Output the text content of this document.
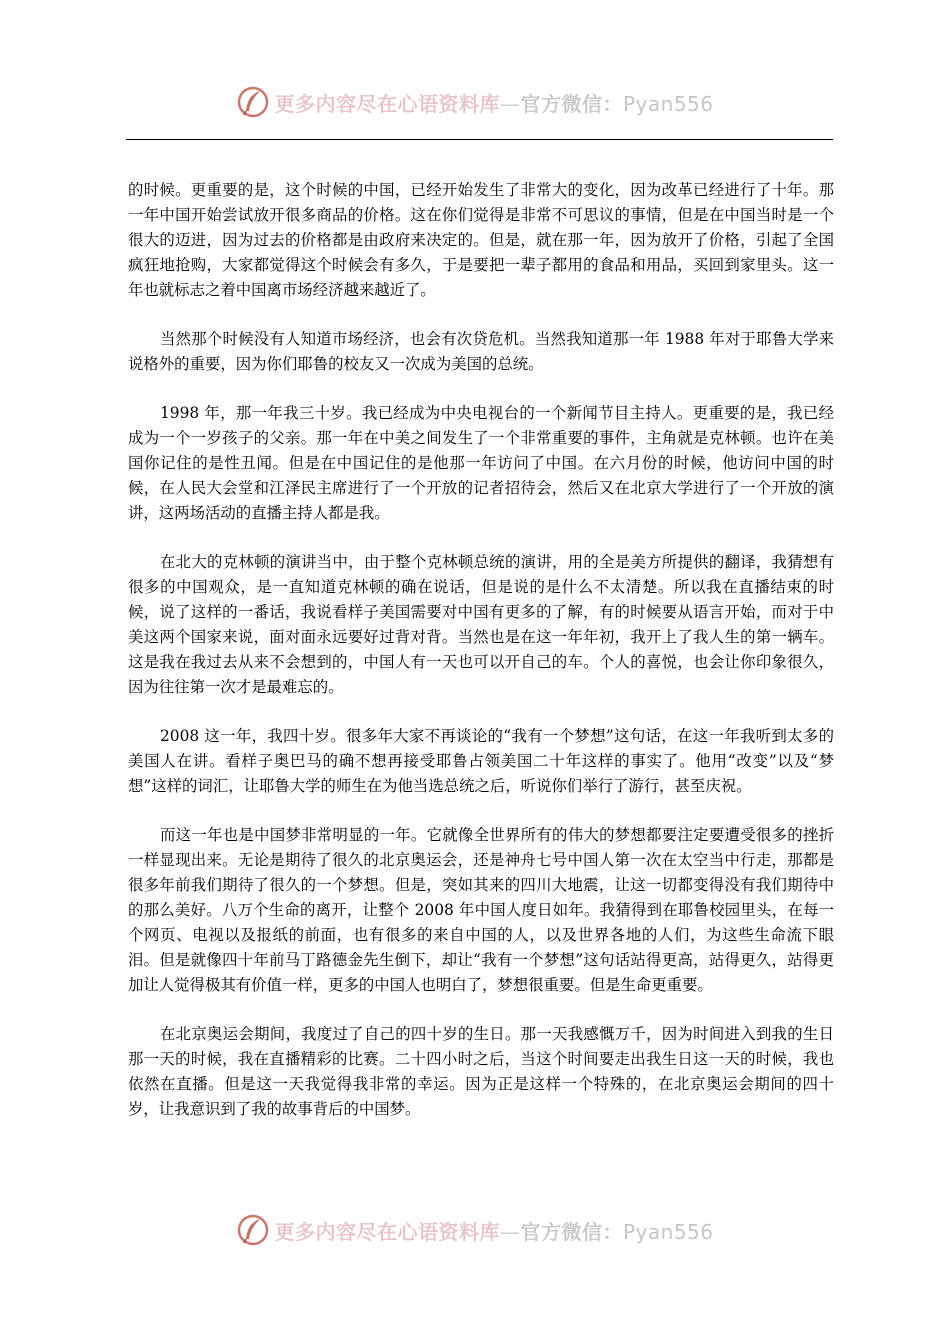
更多内容尽在心语资料库—官方微信：Pyan556

的时候。更重要的是，这个时候的中国，已经开始发生了非常大的变化，因为改革已经进行了十年。那一年中国开始尝试放开很多商品的价格。这在你们觉得是非常不可思议的事情，但是在中国当时是一个很大的迈进，因为过去的价格都是由政府来决定的。但是，就在那一年，因为放开了价格，引起了全国疯狂地抢购，大家都觉得这个时候会有多久，于是要把一辈子都用的食品和用品，买回到家里头。这一年也就标志之着中国离市场经济越来越近了。

当然那个时候没有人知道市场经济，也会有次贷危机。当然我知道那一年 1988 年对于耶鲁大学来说格外的重要，因为你们耶鲁的校友又一次成为美国的总统。

1998 年，那一年我三十岁。我已经成为中央电视台的一个新闻节目主持人。更重要的是，我已经成为一个一岁孩子的父亲。那一年在中美之间发生了一个非常重要的事件，主角就是克林顿。也许在美国你记住的是性丑闻。但是在中国记住的是他那一年访问了中国。在六月份的时候，他访问中国的时候，在人民大会堂和江泽民主席进行了一个开放的记者招待会，然后又在北京大学进行了一个开放的演讲，这两场活动的直播主持人都是我。

在北大的克林顿的演讲当中，由于整个克林顿总统的演讲，用的全是美方所提供的翻译，我猜想有很多的中国观众，是一直知道克林顿的确在说话，但是说的是什么不太清楚。所以我在直播结束的时候，说了这样的一番话，我说看样子美国需要对中国有更多的了解，有的时候要从语言开始，而对于中美这两个国家来说，面对面永远要好过背对背。当然也是在这一年年初，我开上了我人生的第一辆车。这是我在我过去从来不会想到的，中国人有一天也可以开自己的车。个人的喜悦，也会让你印象很久，因为往往第一次才是最难忘的。

2008 这一年，我四十岁。很多年大家不再谈论的“我有一个梦想”这句话，在这一年我听到太多的美国人在讲。看样子奥巴马的确不想再接受耶鲁占领美国二十年这样的事实了。他用“改变”以及“梦想”这样的词汇，让耶鲁大学的师生在为他当选总统之后，听说你们举行了游行，甚至庆祝。

而这一年也是中国梦非常明显的一年。它就像全世界所有的伟大的梦想都要注定要遭受很多的挫折一样显现出来。无论是期待了很久的北京奥运会，还是神舟七号中国人第一次在太空当中行走，那都是很多年前我们期待了很久的一个梦想。但是，突如其来的四川大地震，让这一切都变得没有我们期待中的那么美好。八万个生命的离开，让整个 2008 年中国人度日如年。我猜得到在耶鲁校园里头，在每一个网页、电视以及报纸的前面，也有很多的来自中国的人，以及世界各地的人们，为这些生命流下眼泪。但是就像四十年前马丁路德金先生倒下，却让“我有一个梦想”这句话站得更高，站得更久，站得更加让人觉得极其有价值一样，更多的中国人也明白了，梦想很重要。但是生命更重要。

在北京奥运会期间，我度过了自己的四十岁的生日。那一天我感慨万千，因为时间进入到我的生日那一天的时候，我在直播精彩的比赛。二十四小时之后，当这个时间要走出我生日这一天的时候，我也依然在直播。但是这一天我觉得我非常的幸运。因为正是这样一个特殊的，在北京奥运会期间的四十岁，让我意识到了我的故事背后的中国梦。

更多内容尽在心语资料库—官方微信：Pyan556
